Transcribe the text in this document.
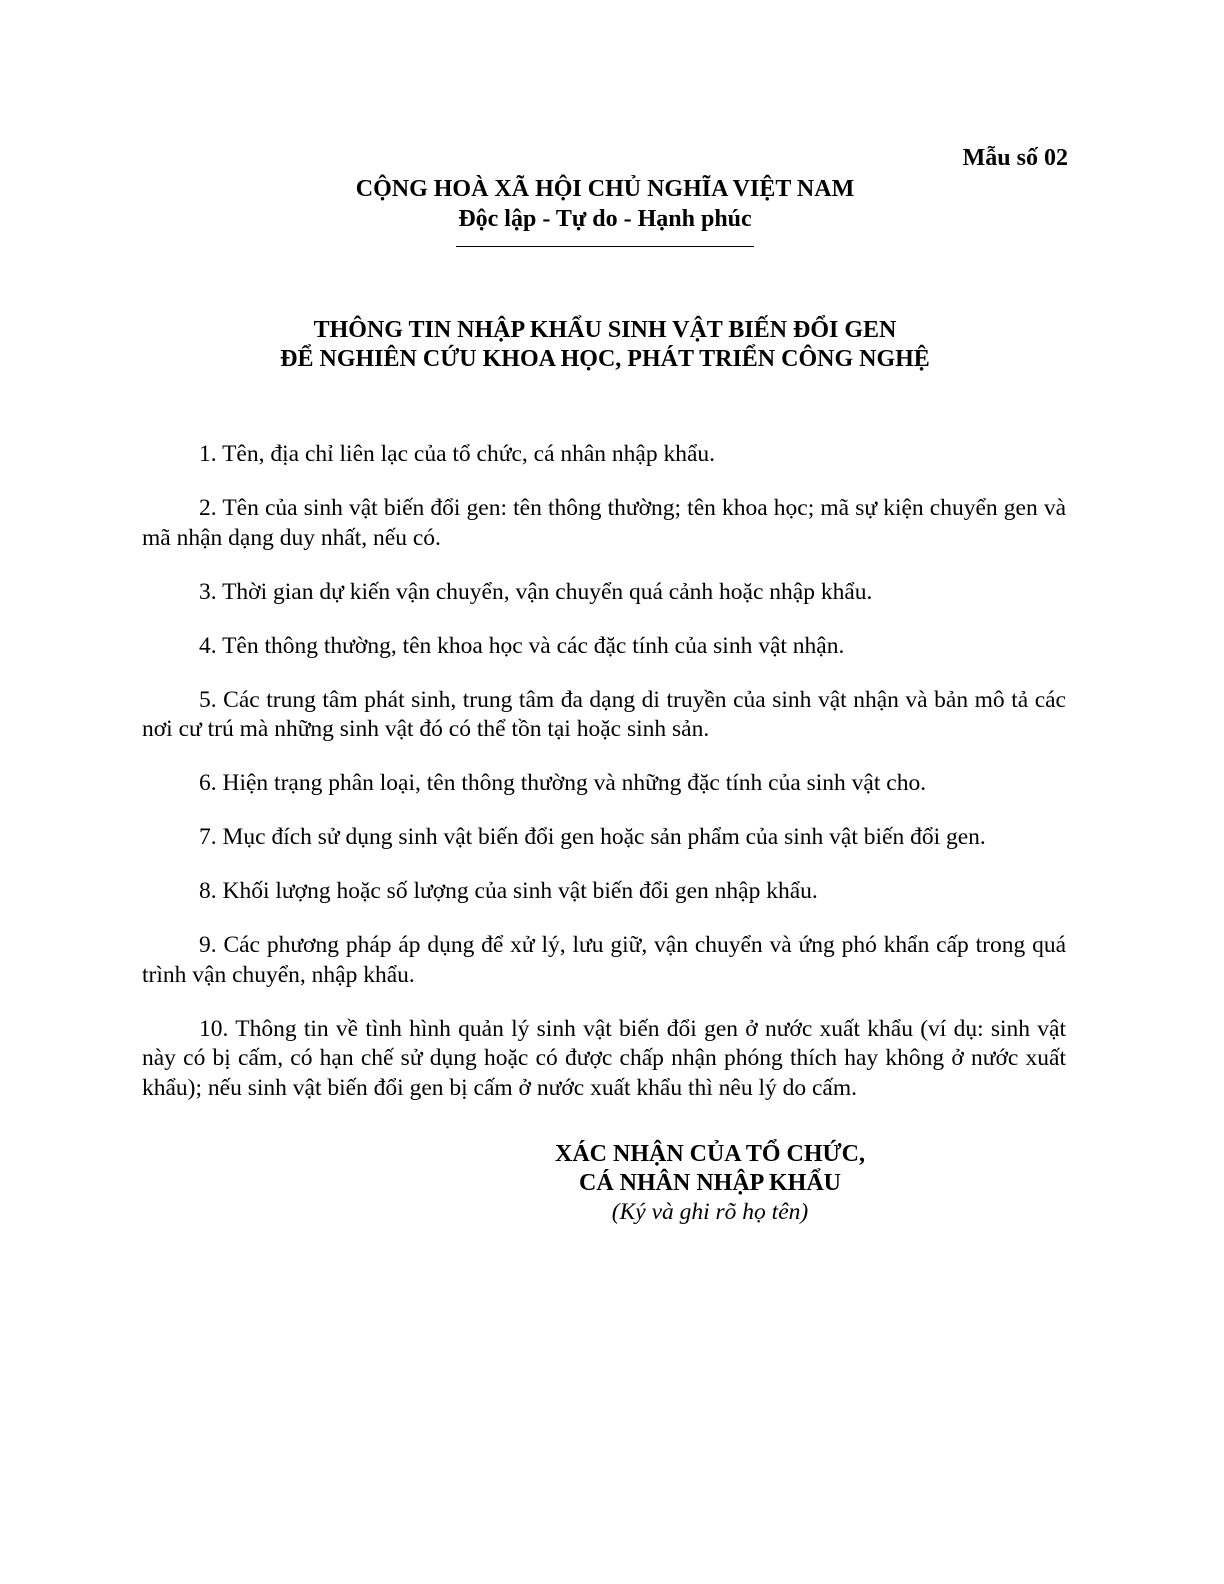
Mẫu số 02
CỘNG HOÀ XÃ HỘI CHỦ NGHĨA VIỆT NAM
Độc lập - Tự do - Hạnh phúc
THÔNG TIN NHẬP KHẨU SINH VẬT BIẾN ĐỔI GEN
ĐỂ NGHIÊN CỨU KHOA HỌC, PHÁT TRIỂN CÔNG NGHỆ

1. Tên, địa chỉ liên lạc của tổ chức, cá nhân nhập khẩu.

2. Tên của sinh vật biến đổi gen: tên thông thường; tên khoa học; mã sự kiện chuyển gen và mã nhận dạng duy nhất, nếu có.

3. Thời gian dự kiến vận chuyển, vận chuyển quá cảnh hoặc nhập khẩu.

4. Tên thông thường, tên khoa học và các đặc tính của sinh vật nhận.

5. Các trung tâm phát sinh, trung tâm đa dạng di truyền của sinh vật nhận và bản mô tả các nơi cư trú mà những sinh vật đó có thể tồn tại hoặc sinh sản.

6. Hiện trạng phân loại, tên thông thường và những đặc tính của sinh vật cho.

7. Mục đích sử dụng sinh vật biến đổi gen hoặc sản phẩm của sinh vật biến đổi gen.

8. Khối lượng hoặc số lượng của sinh vật biến đổi gen nhập khẩu.

9. Các phương pháp áp dụng để xử lý, lưu giữ, vận chuyển và ứng phó khẩn cấp trong quá trình vận chuyển, nhập khẩu.

10. Thông tin về tình hình quản lý sinh vật biến đổi gen ở nước xuất khẩu (ví dụ: sinh vật này có bị cấm, có hạn chế sử dụng hoặc có được chấp nhận phóng thích hay không ở nước xuất khẩu); nếu sinh vật biến đổi gen bị cấm ở nước xuất khẩu thì nêu lý do cấm.

XÁC NHẬN CỦA TỔ CHỨC,
CÁ NHÂN NHẬP KHẨU
(Ký và ghi rõ họ tên)
